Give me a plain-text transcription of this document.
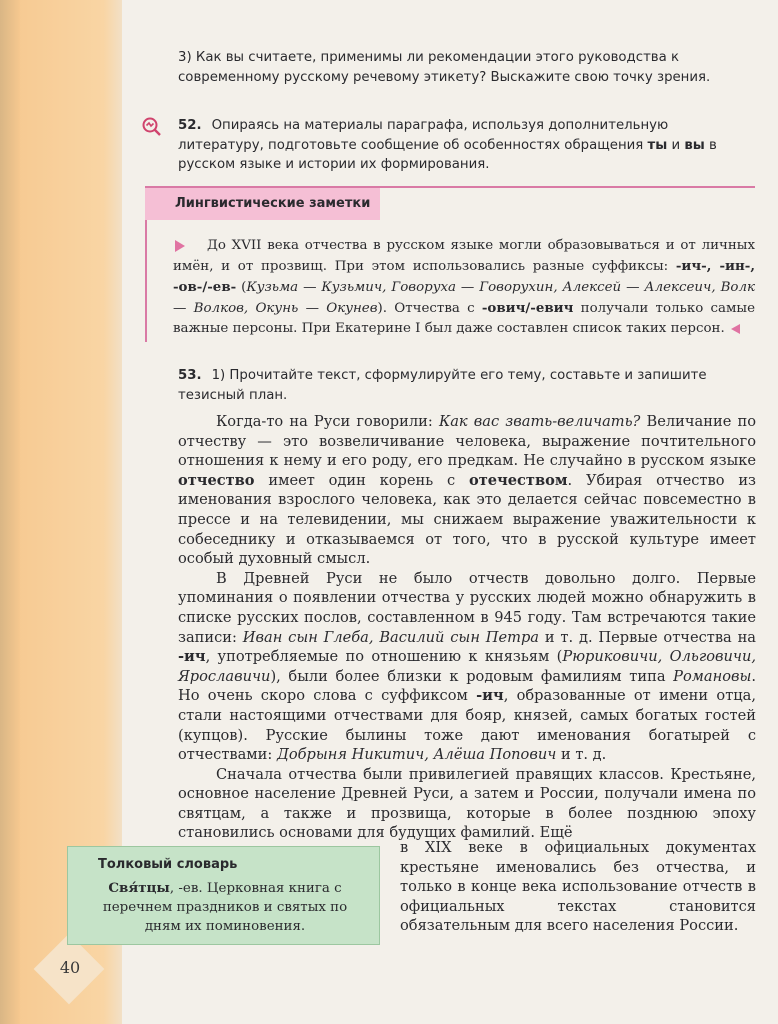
40
3) Как вы считаете, применимы ли рекомендации этого руководства к современному русскому речевому этикету? Выскажите свою точку зрения.
52. Опираясь на материалы параграфа, используя дополнительную литературу, подготовьте сообщение об особенностях обращения ты и вы в русском языке и истории их формирования.
Лингвистические заметки
До XVII века отчества в русском языке могли образовываться и от личных имён, и от прозвищ. При этом использовались разные суффиксы: -ич-, -ин-, -ов-/-ев- (Кузьма — Кузьмич, Говоруха — Говорухин, Алексей — Алексеич, Волк — Волков, Окунь — Окунев). Отчества с -ович/-евич получали только самые важные персоны. При Екатерине I был даже составлен список таких персон.
53. 1) Прочитайте текст, сформулируйте его тему, составьте и запишите тезисный план.

Когда-то на Руси говорили: Как вас звать-величать? Величание по отчеству — это возвеличивание человека, выражение почтительного отношения к нему и его роду, его предкам. Не случайно в русском языке отчество имеет один корень с отечеством. Убирая отчество из именования взрослого человека, как это делается сейчас повсеместно в прессе и на телевидении, мы снижаем выражение уважительности к собеседнику и отказываемся от того, что в русской культуре имеет особый духовный смысл.

В Древней Руси не было отчеств довольно долго. Первые упоминания о появлении отчества у русских людей можно обнаружить в списке русских послов, составленном в 945 году. Там встречаются такие записи: Иван сын Глеба, Василий сын Петра и т. д. Первые отчества на -ич, употребляемые по отношению к князьям (Рюриковичи, Ольговичи, Ярославичи), были более близки к родовым фамилиям типа Романовы. Но очень скоро слова с суффиксом -ич, образованные от имени отца, стали настоящими отчествами для бояр, князей, самых богатых гостей (купцов). Русские былины тоже дают именования богатырей с отчествами: Добрыня Никитич, Алёша Попович и т. д.

Сначала отчества были привилегией правящих классов. Крестьяне, основное население Древней Руси, а затем и России, получали имена по святцам, а также и прозвища, которые в более позднюю эпоху становились основами для будущих фамилий. Ещё

в XIX веке в официальных документах крестьяне именовались без отчества, и только в конце века использование отчеств в официальных текстах становится обязательным для всего населения России.

Толковый словарь
Свя́тцы, -ев. Церковная книга с перечнем праздников и святых по дням их поминовения.
